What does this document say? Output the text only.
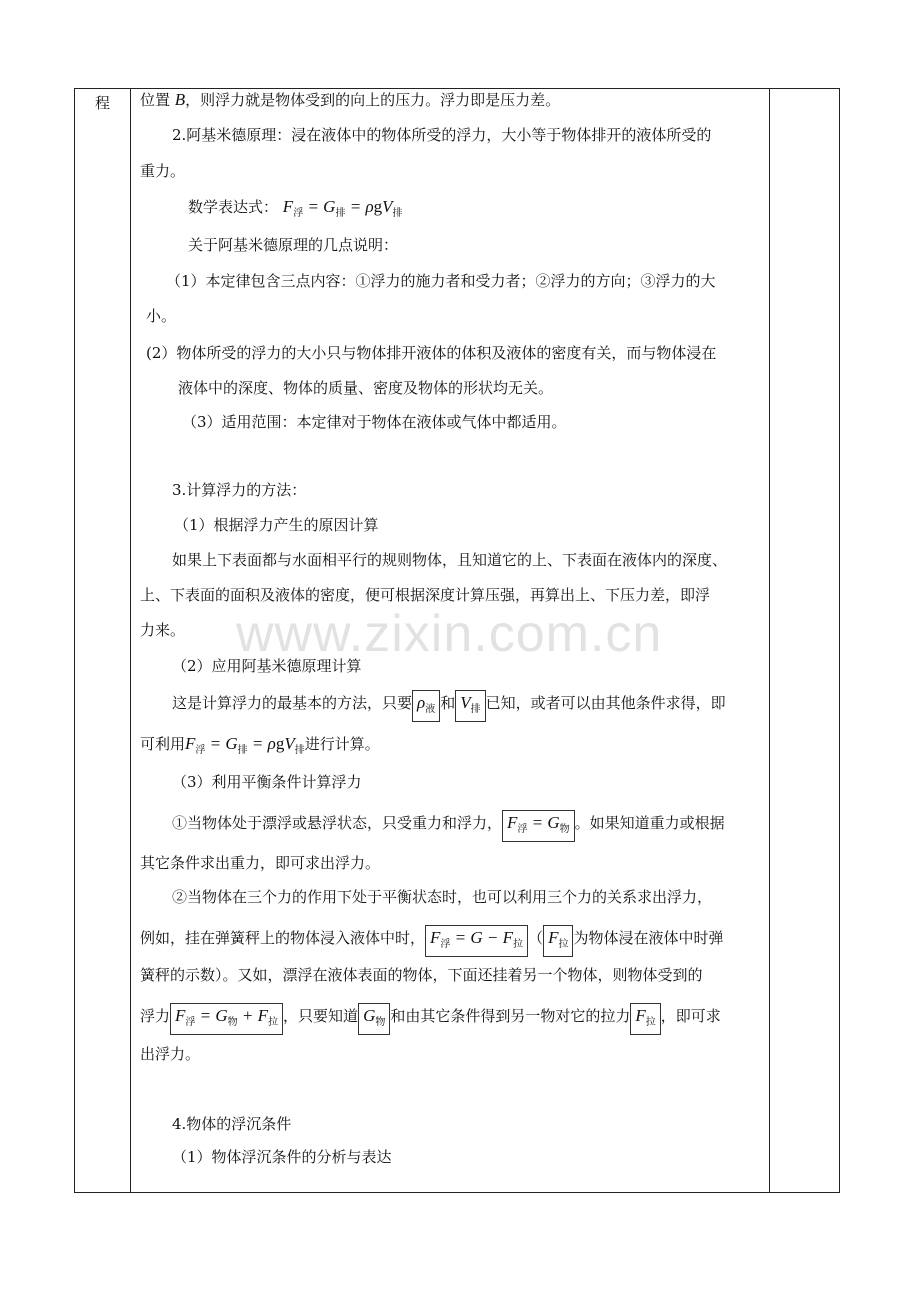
www.zixin.com.cn
程	位置 B，则浮力就是物体受到的向上的压力。浮力即是压力差。
2.阿基米德原理：浸在液体中的物体所受的浮力，大小等于物体排开的液体所受的
重力。
数学表达式： $F_浮 = G_排 = \rho gV_排$
关于阿基米德原理的几点说明：
（1）本定律包含三点内容：①浮力的施力者和受力者；②浮力的方向；③浮力的大
小。
(2）物体所受的浮力的大小只与物体排开液体的体积及液体的密度有关，而与物体浸在
液体中的深度、物体的质量、密度及物体的形状均无关。
（3）适用范围：本定律对于物体在液体或气体中都适用。
3.计算浮力的方法：
（1）根据浮力产生的原因计算
如果上下表面都与水面相平行的规则物体，且知道它的上、下表面在液体内的深度、
上、下表面的面积及液体的密度，便可根据深度计算压强，再算出上、下压力差，即浮
力来。
（2）应用阿基米德原理计算
这是计算浮力的最基本的方法，只要 $\rho_液$ 和 $V_排$ 已知，或者可以由其他条件求得，即
可利用$F_浮 = G_排 = \rho gV_排$进行计算。
（3）利用平衡条件计算浮力
①当物体处于漂浮或悬浮状态，只受重力和浮力， $F_浮 = G_物$ 。如果知道重力或根据
其它条件求出重力，即可求出浮力。
②当物体在三个力的作用下处于平衡状态时，也可以利用三个力的关系求出浮力，
例如，挂在弹簧秤上的物体浸入液体中时， $F_浮 = G - F_拉$ （ $F_拉$ 为物体浸在液体中时弹
簧秤的示数）。又如，漂浮在液体表面的物体，下面还挂着另一个物体，则物体受到的
浮力 $F_浮 = G_物 + F_拉$ ，只要知道 $G_物$ 和由其它条件得到另一物对它的拉力 $F_拉$ ，即可求
出浮力。
4.物体的浮沉条件
（1）物体浮沉条件的分析与表达
